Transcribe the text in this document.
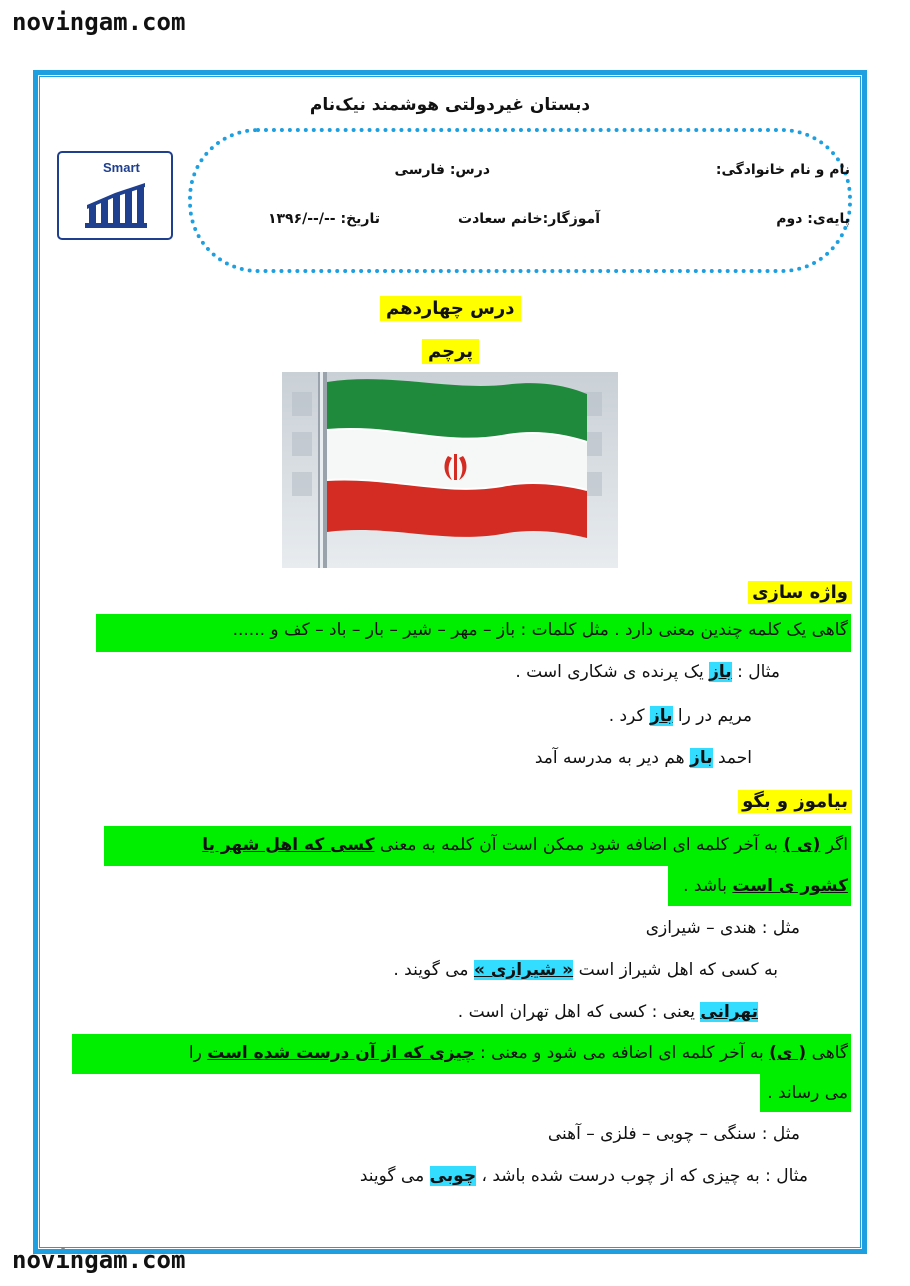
novingam.com
novingam.com
دبستان غیردولتی هوشمند نیک‌نام
نام و نام خانوادگی:
درس: فارسی
پایه‌ی: دوم
آموزگار:خانم سعادت
تاریخ: --/--/۱۳۹۶
Smart
درس چهاردهم
پرچم
واژه سازی
گاهی یک کلمه چندین معنی دارد . مثل کلمات : باز – مهر – شیر – بار – باد – کف و ......
مثال : باز یک پرنده ی شکاری است .
مریم در را باز کرد .
احمد باز هم دیر به مدرسه آمد
بیاموز و بگو
اگر (ی ) به آخر کلمه ای اضافه شود ممکن است آن کلمه به معنی کسی که اهل شهر یا
کشور ی است باشد .
مثل : هندی – شیرازی
به کسی که اهل شیراز است « شیرازی » می گویند .
تهرانی یعنی : کسی که اهل تهران است .
گاهی ( ی) به آخر کلمه ای اضافه می شود و معنی : چیزی که از آن درست شده است را
می رساند .
مثل : سنگی – چوبی – فلزی – آهنی
مثال : به چیزی که از چوب درست شده باشد ، چوبی می گویند
